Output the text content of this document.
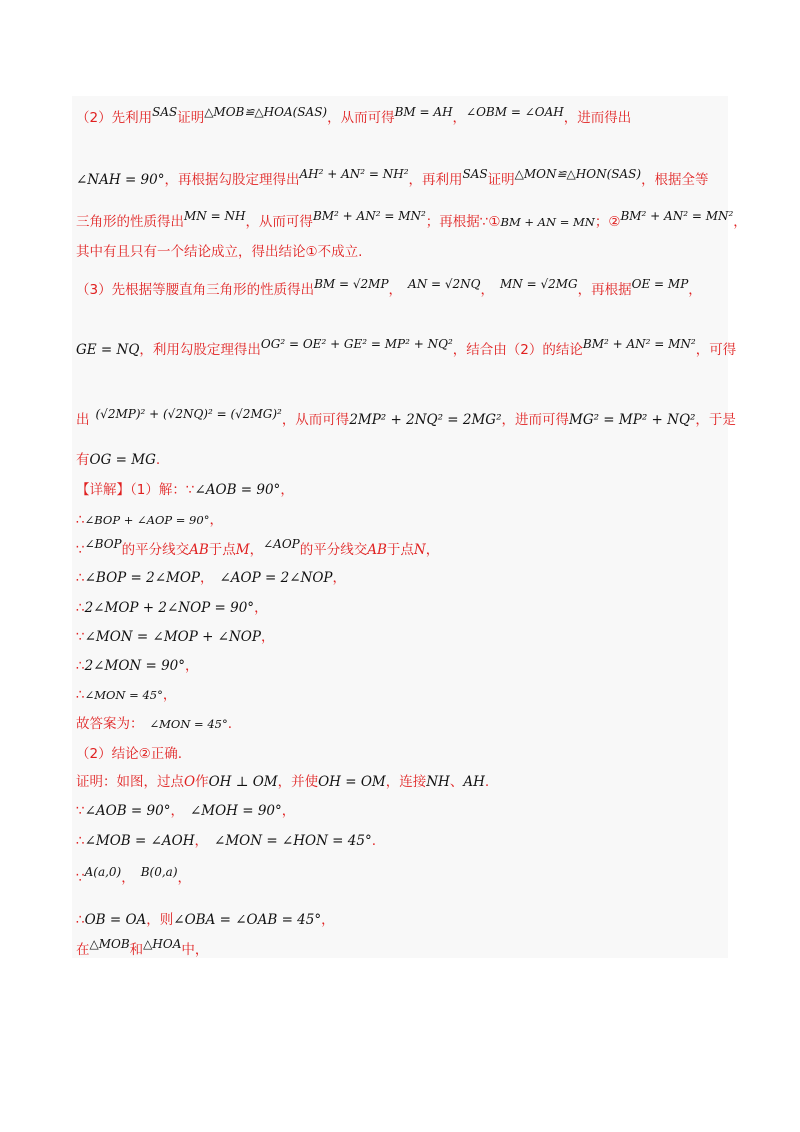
（2）先利用SAS证明△MOB≌△HOA(SAS)，从而可得BM = AH，∠OBM = ∠OAH，进而得出
∠NAH = 90°，再根据勾股定理得出AH² + AN² = NH²，再利用SAS证明△MON≌△HON(SAS)，根据全等
三角形的性质得出MN = NH，从而可得BM² + AN² = MN²；再根据∵①BM + AN = MN；②BM² + AN² = MN²，
其中有且只有一个结论成立，得出结论①不成立.
（3）先根据等腰直角三角形的性质得出BM = √2MP， AN = √2NQ， MN = √2MG，再根据OE = MP，
GE = NQ，利用勾股定理得出OG² = OE² + GE² = MP² + NQ²，结合由（2）的结论BM² + AN² = MN²，可得
出 (√2MP)² + (√2NQ)² = (√2MG)²，从而可得2MP² + 2NQ² = 2MG²，进而可得MG² = MP² + NQ²，于是
有OG = MG.
【详解】（1）解：∵∠AOB = 90°，
∴∠BOP + ∠AOP = 90°，
∵∠BOP的平分线交AB于点M，∠AOP的平分线交AB于点N，
∴∠BOP = 2∠MOP， ∠AOP = 2∠NOP，
∴2∠MOP + 2∠NOP = 90°，
∵∠MON = ∠MOP + ∠NOP，
∴2∠MON = 90°，
∴∠MON = 45°，
故答案为： ∠MON = 45°.
（2）结论②正确.
证明：如图，过点O作OH ⊥ OM，并使OH = OM，连接NH、AH.
∵∠AOB = 90°， ∠MOH = 90°，
∴∠MOB = ∠AOH， ∠MON = ∠HON = 45°.
∵A(a,0)， B(0,a)，
∴OB = OA，则∠OBA = ∠OAB = 45°，
在△MOB和△HOA中，
